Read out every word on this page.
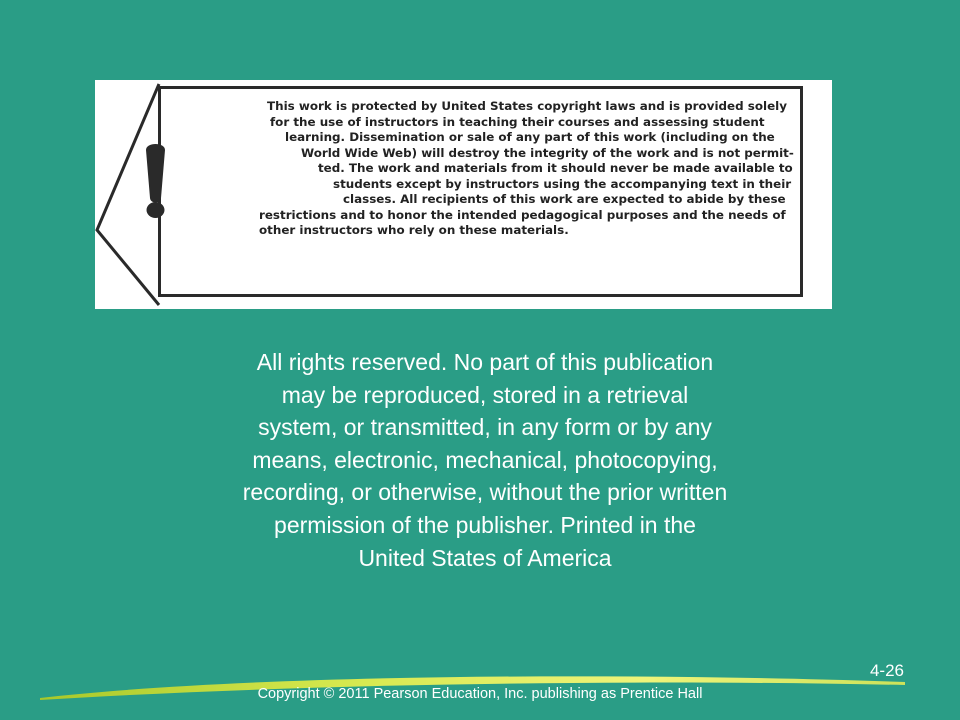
This work is protected by United States copyright laws and is provided solely
for the use of instructors in teaching their courses and assessing student
learning. Dissemination or sale of any part of this work (including on the
World Wide Web) will destroy the integrity of the work and is not permit-
ted. The work and materials from it should never be made available to
students except by instructors using the accompanying text in their
classes. All recipients of this work are expected to abide by these
restrictions and to honor the intended pedagogical purposes and the needs of
other instructors who rely on these materials.

All rights reserved. No part of this publication
may be reproduced, stored in a retrieval
system, or transmitted, in any form or by any
means, electronic, mechanical, photocopying,
recording, or otherwise, without the prior written
permission of the publisher. Printed in the
United States of America

4-26
Copyright © 2011 Pearson Education, Inc. publishing as Prentice Hall
